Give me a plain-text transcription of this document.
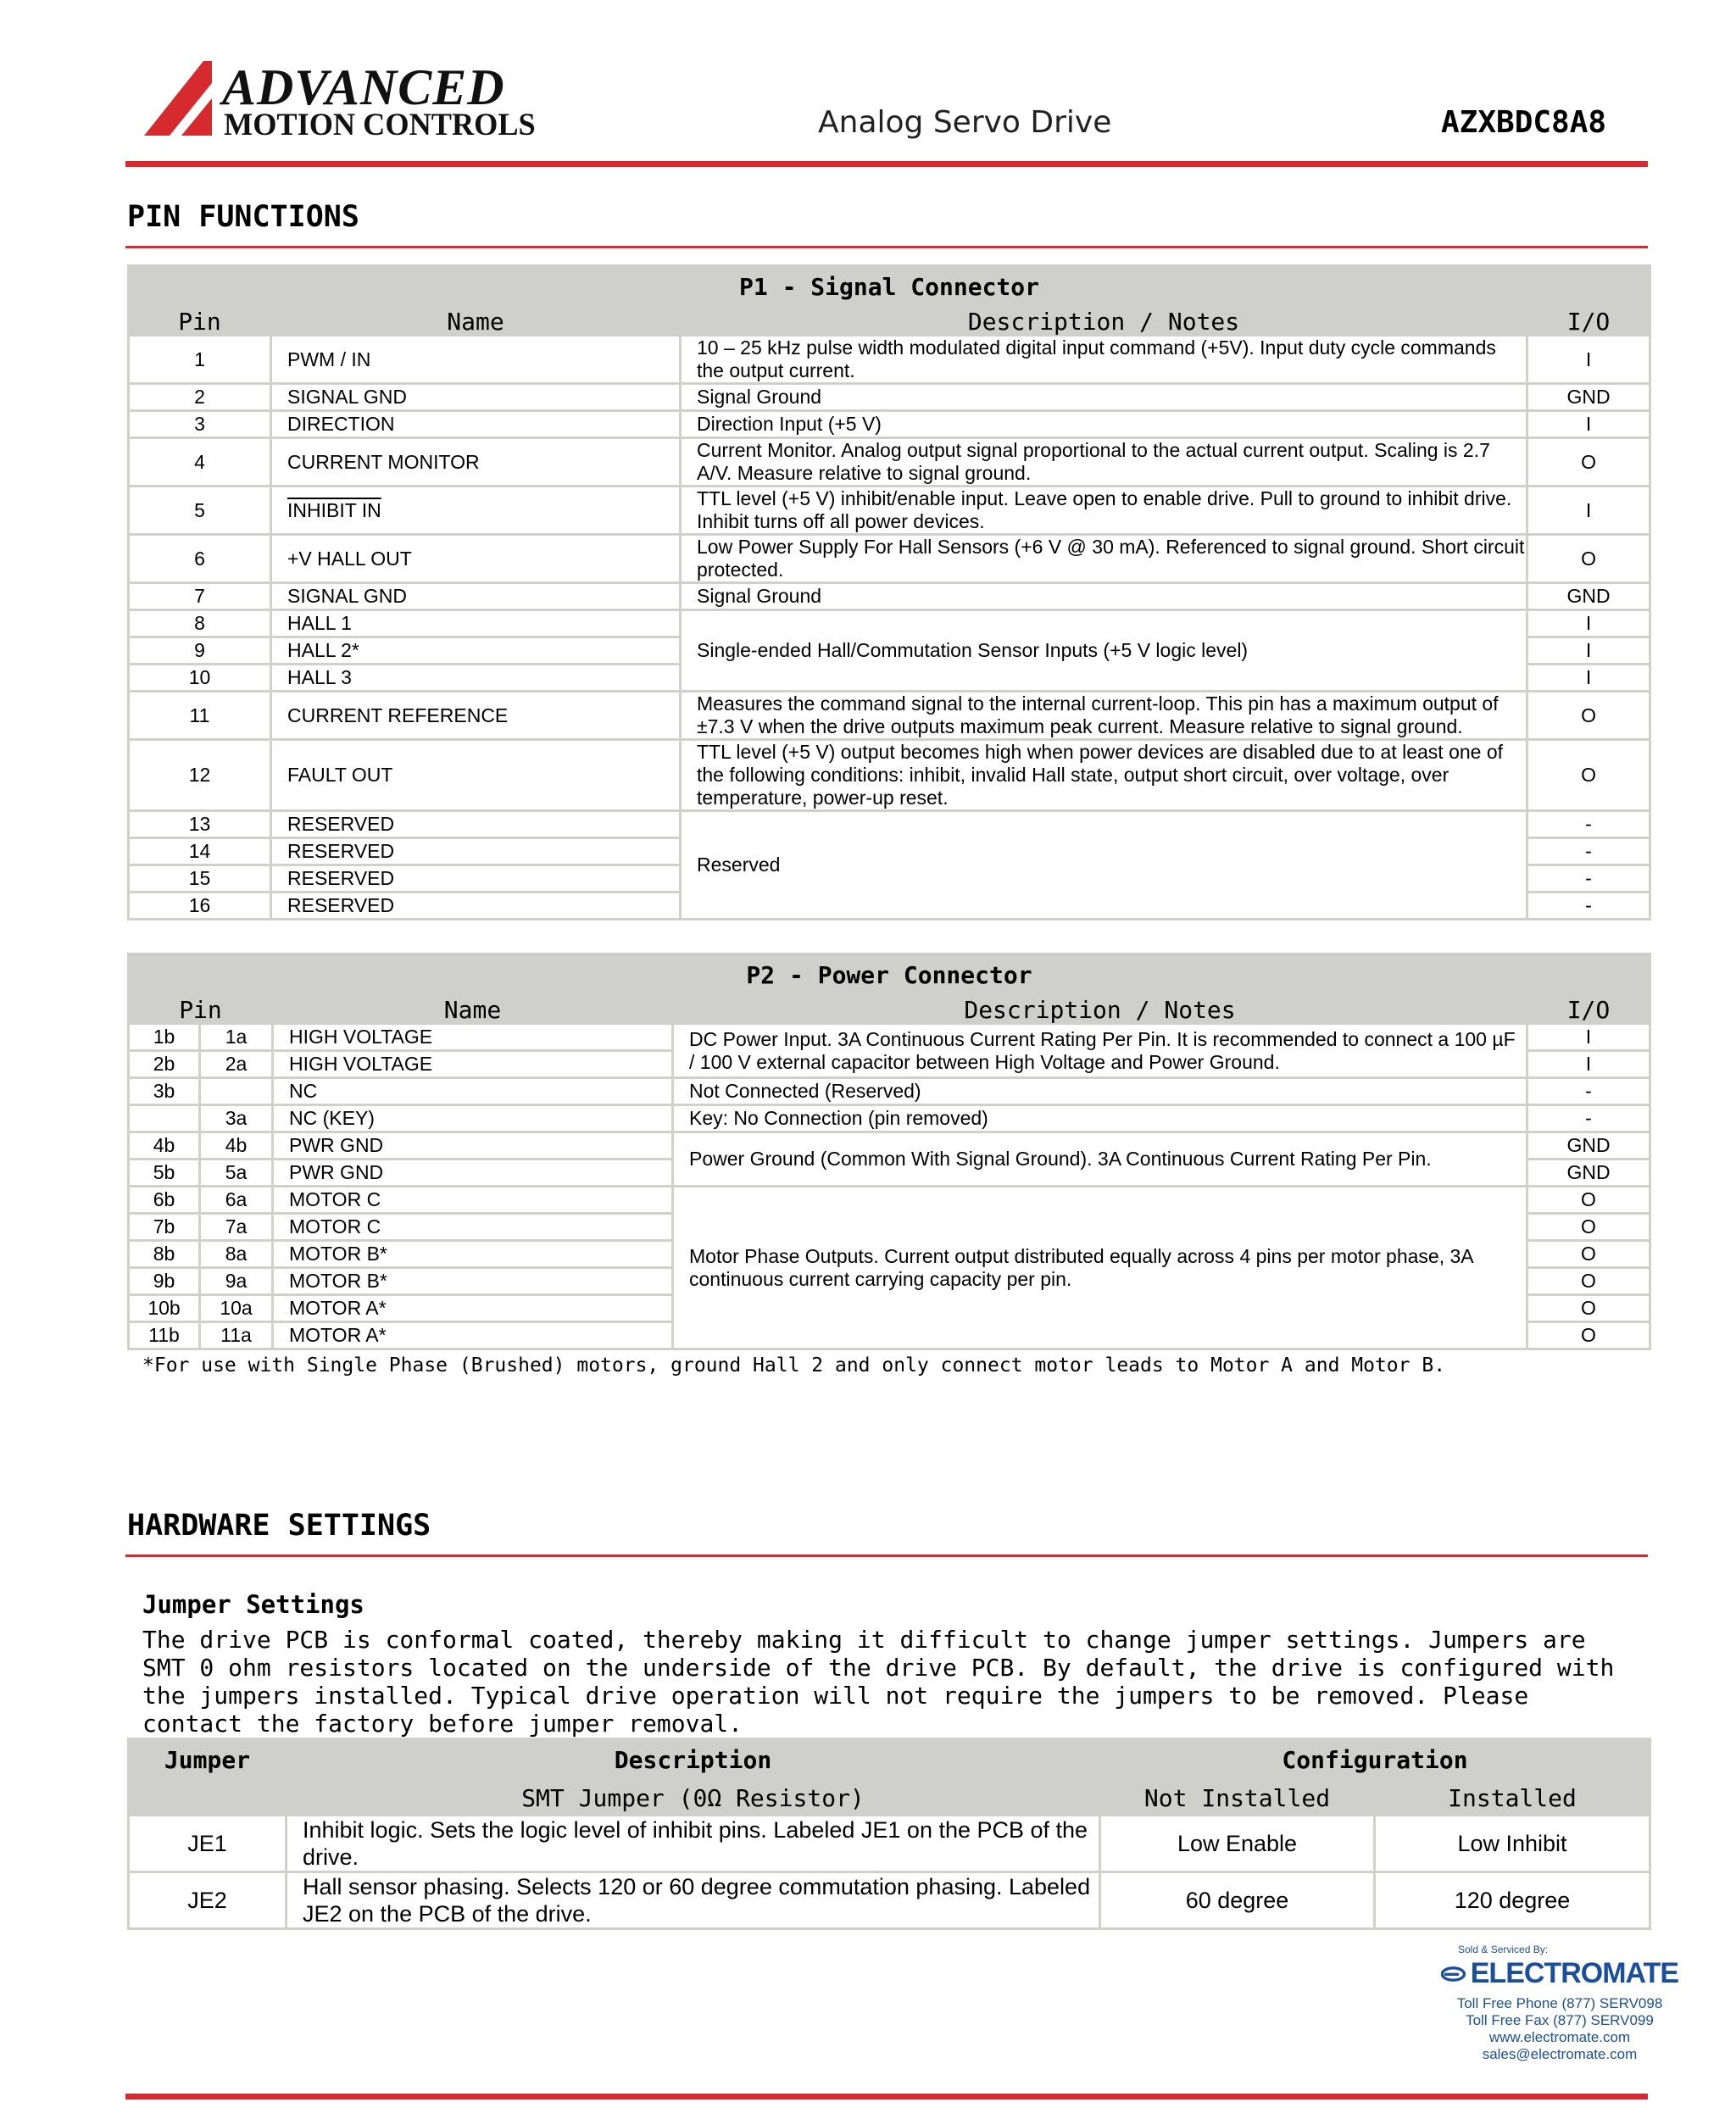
ADVANCED
MOTION CONTROLS	Analog Servo Drive	AZXBDC8A8
PIN FUNCTIONS
P1 - Signal Connector			
Pin	Name	Description / Notes	I/O
1	PWM / IN	10 – 25 kHz pulse width modulated digital input command (+5V). Input duty cycle commands the output current.	I
2	SIGNAL GND	Signal Ground	GND
3	DIRECTION	Direction Input (+5 V)	I
4	CURRENT MONITOR	Current Monitor. Analog output signal proportional to the actual current output. Scaling is 2.7 A/V. Measure relative to signal ground.	O
5	INHIBIT IN	TTL level (+5 V) inhibit/enable input. Leave open to enable drive. Pull to ground to inhibit drive. Inhibit turns off all power devices.	I
6	+V HALL OUT	Low Power Supply For Hall Sensors (+6 V @ 30 mA). Referenced to signal ground. Short circuit protected.	O
7	SIGNAL GND	Signal Ground	GND
8	HALL 1	Single-ended Hall/Commutation Sensor Inputs (+5 V logic level)	I
9	HALL 2*		I
10	HALL 3		I
11	CURRENT REFERENCE	Measures the command signal to the internal current-loop. This pin has a maximum output of ±7.3 V when the drive outputs maximum peak current. Measure relative to signal ground.	O
12	FAULT OUT	TTL level (+5 V) output becomes high when power devices are disabled due to at least one of the following conditions: inhibit, invalid Hall state, output short circuit, over voltage, over temperature, power-up reset.	O
13	RESERVED	Reserved	-
14	RESERVED		-
15	RESERVED		-
16	RESERVED		-
P2 - Power Connector				
Pin		Name	Description / Notes	I/O
1b	1a	HIGH VOLTAGE	DC Power Input. 3A Continuous Current Rating Per Pin. It is recommended to connect a 100 µF / 100 V external capacitor between High Voltage and Power Ground.	I
2b	2a	HIGH VOLTAGE		I
3b		NC	Not Connected (Reserved)	-
	3a	NC (KEY)	Key: No Connection (pin removed)	-
4b	4b	PWR GND	Power Ground (Common With Signal Ground). 3A Continuous Current Rating Per Pin.	GND
5b	5a	PWR GND		GND
6b	6a	MOTOR C	Motor Phase Outputs. Current output distributed equally across 4 pins per motor phase, 3A continuous current carrying capacity per pin.	O
7b	7a	MOTOR C		O
8b	8a	MOTOR B*		O
9b	9a	MOTOR B*		O
10b	10a	MOTOR A*		O
11b	11a	MOTOR A*		O
*For use with Single Phase (Brushed) motors, ground Hall 2 and only connect motor leads to Motor A and Motor B.
HARDWARE SETTINGS
Jumper Settings
The drive PCB is conformal coated, thereby making it difficult to change jumper settings. Jumpers are SMT 0 ohm resistors located on the underside of the drive PCB. By default, the drive is configured with the jumpers installed. Typical drive operation will not require the jumpers to be removed. Please contact the factory before jumper removal.
Jumper	Description	Configuration	
	SMT Jumper (0Ω Resistor)	Not Installed	Installed
JE1	Inhibit logic. Sets the logic level of inhibit pins. Labeled JE1 on the PCB of the drive.	Low Enable	Low Inhibit
JE2	Hall sensor phasing. Selects 120 or 60 degree commutation phasing. Labeled JE2 on the PCB of the drive.	60 degree	120 degree
Sold & Serviced By:
ELECTROMATE
Toll Free Phone (877) SERV098
Toll Free Fax (877) SERV099
www.electromate.com
sales@electromate.com
